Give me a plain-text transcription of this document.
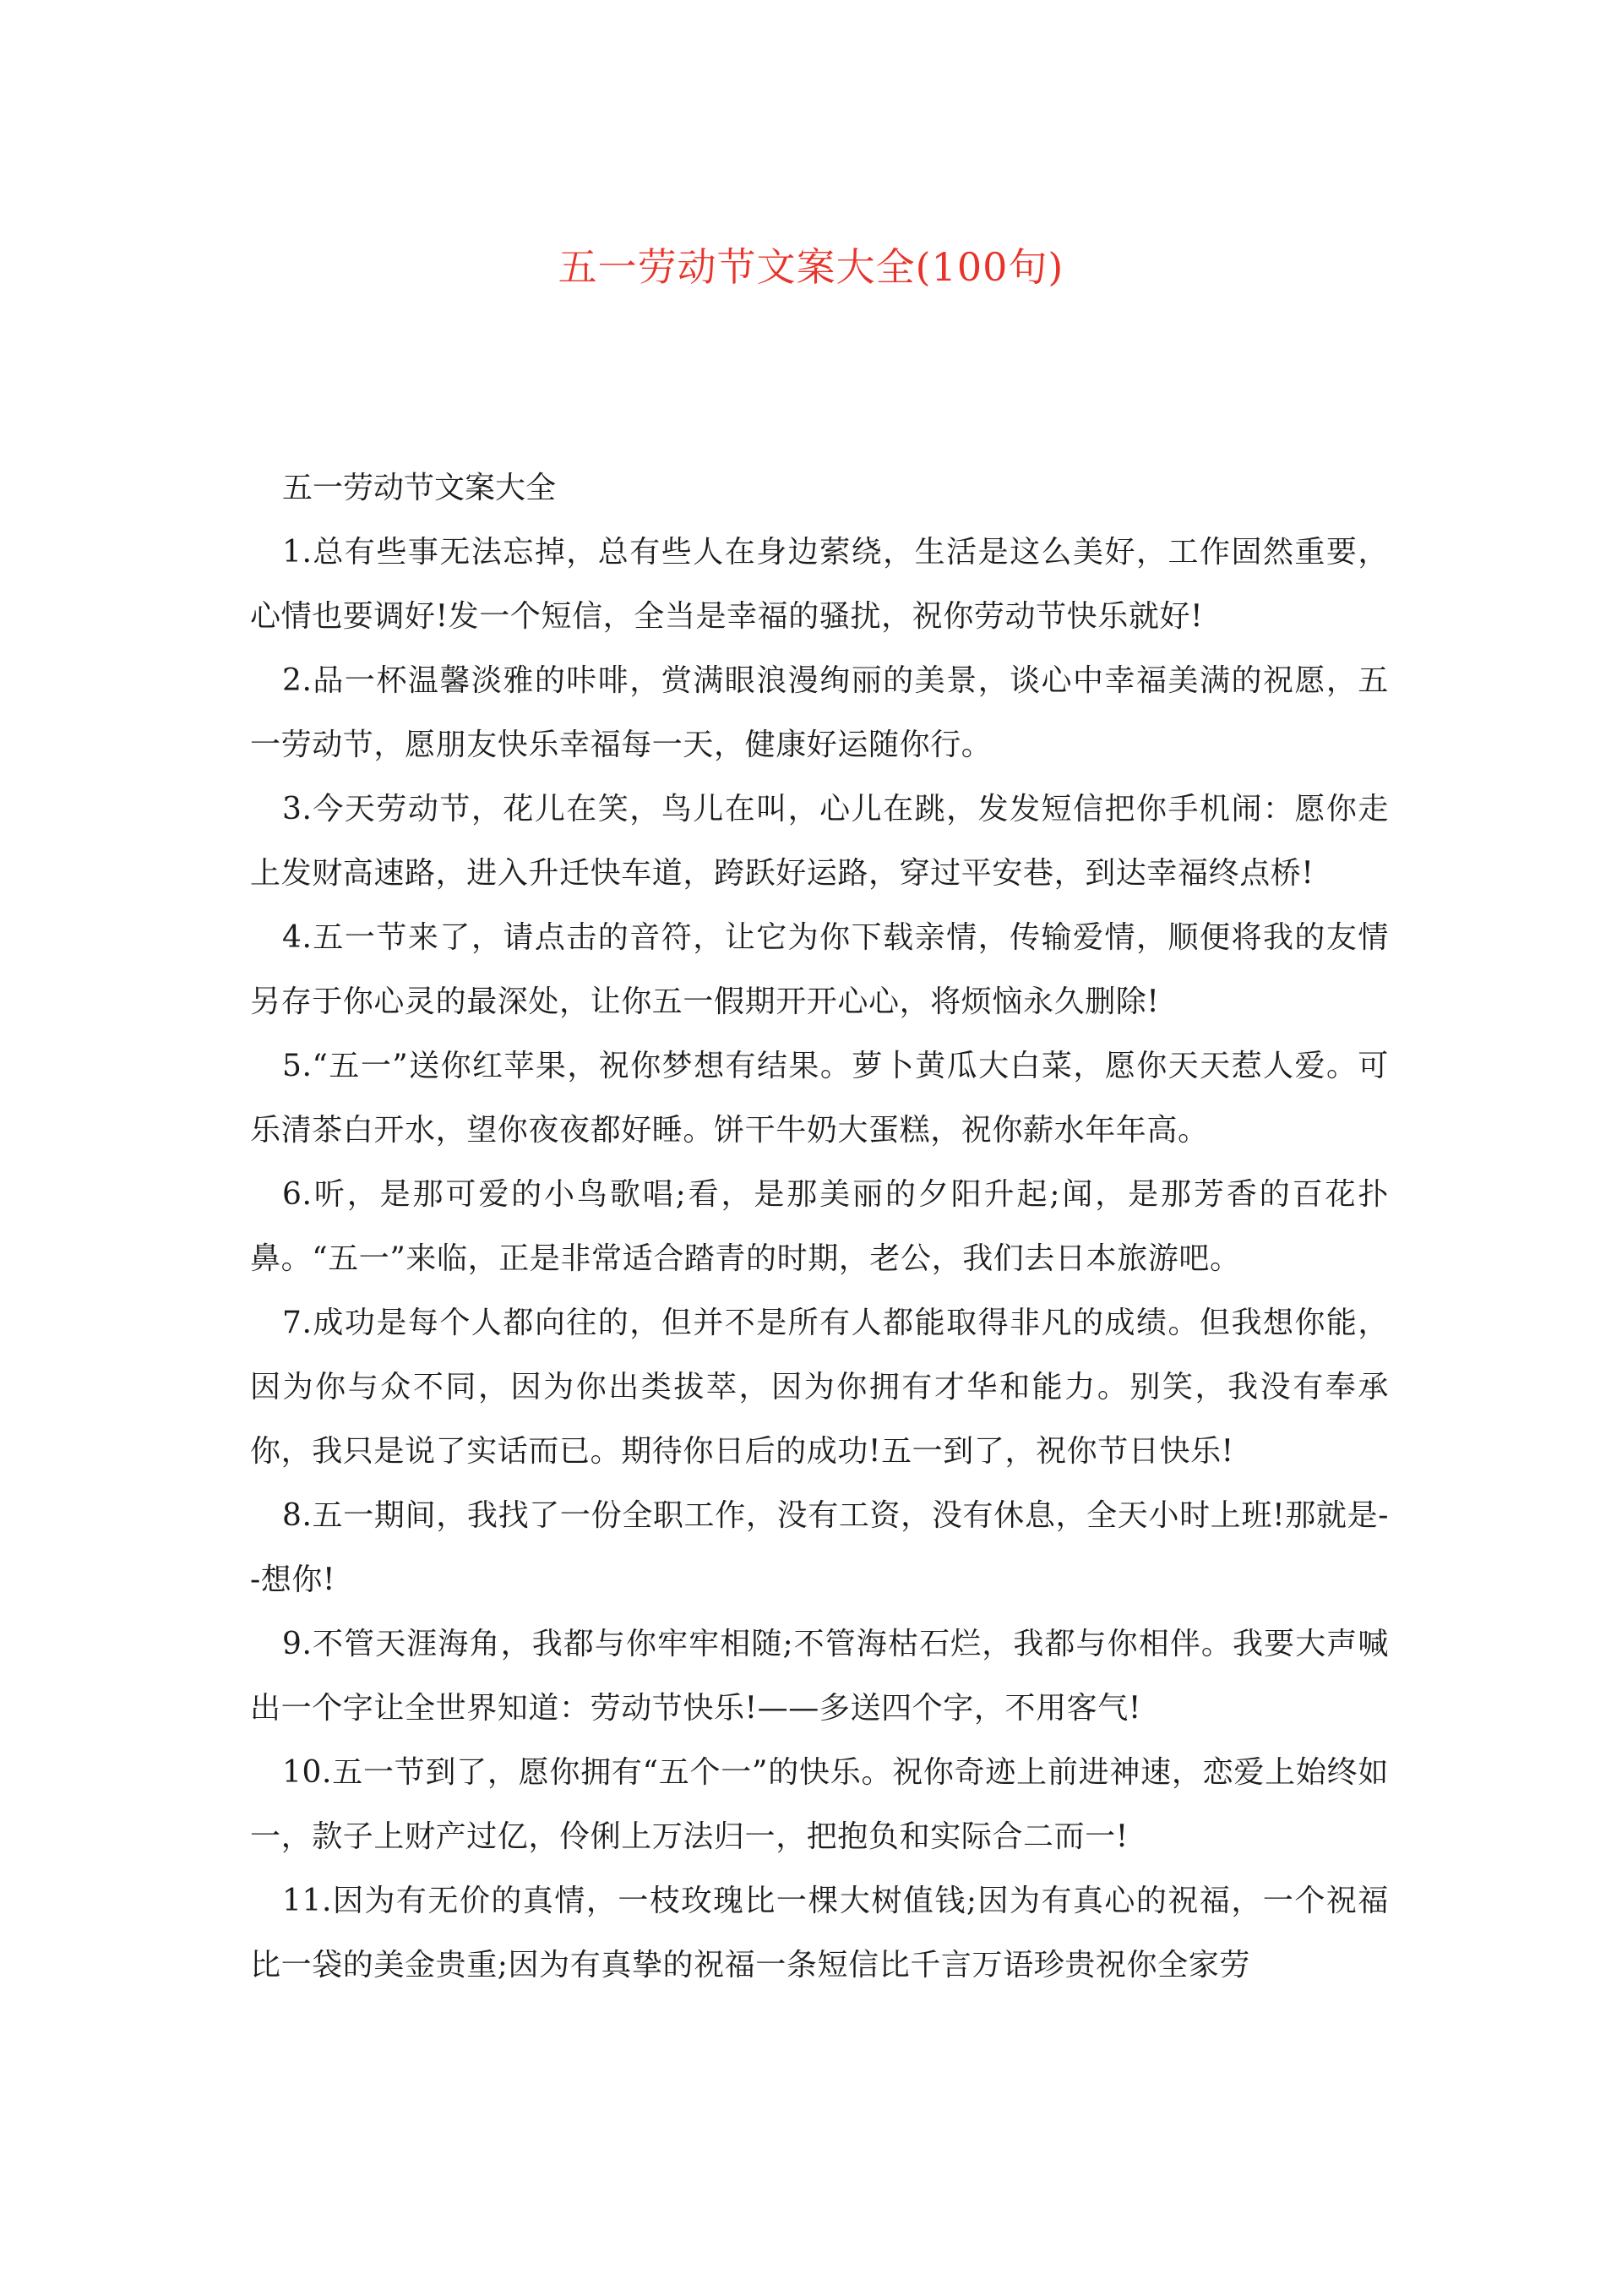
五一劳动节文案大全(100句)

五一劳动节文案大全

1.总有些事无法忘掉，总有些人在身边萦绕，生活是这么美好，工作固然重要，心情也要调好!发一个短信，全当是幸福的骚扰，祝你劳动节快乐就好!

2.品一杯温馨淡雅的咔啡，赏满眼浪漫绚丽的美景，谈心中幸福美满的祝愿，五一劳动节，愿朋友快乐幸福每一天，健康好运随你行。

3.今天劳动节，花儿在笑，鸟儿在叫，心儿在跳，发发短信把你手机闹：愿你走上发财高速路，进入升迁快车道，跨跃好运路，穿过平安巷，到达幸福终点桥!

4.五一节来了，请点击的音符，让它为你下载亲情，传输爱情，顺便将我的友情另存于你心灵的最深处，让你五一假期开开心心，将烦恼永久删除!

5.“五一”送你红苹果，祝你梦想有结果。萝卜黄瓜大白菜，愿你天天惹人爱。可乐清茶白开水，望你夜夜都好睡。饼干牛奶大蛋糕，祝你薪水年年高。

6.听，是那可爱的小鸟歌唱;看，是那美丽的夕阳升起;闻，是那芳香的百花扑鼻。“五一”来临，正是非常适合踏青的时期，老公，我们去日本旅游吧。

7.成功是每个人都向往的，但并不是所有人都能取得非凡的成绩。但我想你能，因为你与众不同，因为你出类拔萃，因为你拥有才华和能力。别笑，我没有奉承你，我只是说了实话而已。期待你日后的成功!五一到了，祝你节日快乐!

8.五一期间，我找了一份全职工作，没有工资，没有休息，全天小时上班!那就是--想你!

9.不管天涯海角，我都与你牢牢相随;不管海枯石烂，我都与你相伴。我要大声喊出一个字让全世界知道：劳动节快乐!——多送四个字，不用客气!

10.五一节到了，愿你拥有“五个一”的快乐。祝你奇迹上前进神速，恋爱上始终如一，款子上财产过亿，伶俐上万法归一，把抱负和实际合二而一!

11.因为有无价的真情，一枝玫瑰比一棵大树值钱;因为有真心的祝福，一个祝福比一袋的美金贵重;因为有真挚的祝福一条短信比千言万语珍贵祝你全家劳
